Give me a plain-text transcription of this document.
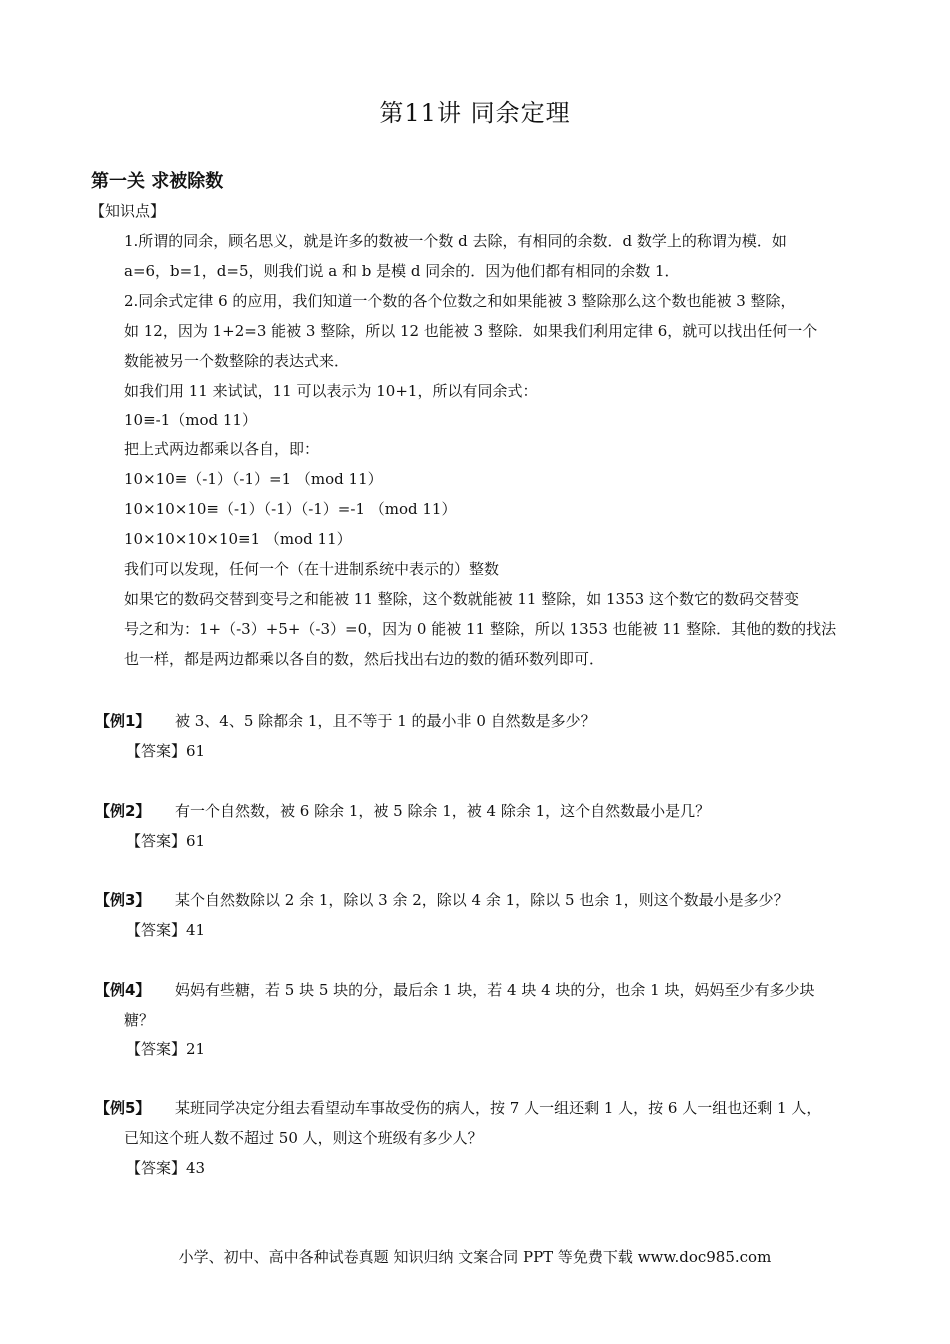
第11讲 同余定理
第一关 求被除数
【知识点】
1.所谓的同余，顾名思义，就是许多的数被一个数 d 去除，有相同的余数．d 数学上的称谓为模．如
a=6，b=1，d=5，则我们说 a 和 b 是模 d 同余的．因为他们都有相同的余数 1．
2.同余式定律 6 的应用，我们知道一个数的各个位数之和如果能被 3 整除那么这个数也能被 3 整除，
如 12，因为 1+2=3 能被 3 整除，所以 12 也能被 3 整除．如果我们利用定律 6，就可以找出任何一个
数能被另一个数整除的表达式来．
如我们用 11 来试试，11 可以表示为 10+1，所以有同余式：
10≡-1（mod 11）
把上式两边都乘以各自，即：
10×10≡（-1）（-1）=1 （mod 11）
10×10×10≡（-1）（-1）（-1）=-1 （mod 11）
10×10×10×10≡1 （mod 11）
我们可以发现，任何一个（在十进制系统中表示的）整数
如果它的数码交替到变号之和能被 11 整除，这个数就能被 11 整除，如 1353 这个数它的数码交替变
号之和为：1+（-3）+5+（-3）=0，因为 0 能被 11 整除，所以 1353 也能被 11 整除．其他的数的找法
也一样，都是两边都乘以各自的数，然后找出右边的数的循环数列即可．
【例1】 被 3、4、5 除都余 1，且不等于 1 的最小非 0 自然数是多少？
【答案】61
【例2】 有一个自然数，被 6 除余 1，被 5 除余 1，被 4 除余 1，这个自然数最小是几？
【答案】61
【例3】 某个自然数除以 2 余 1，除以 3 余 2，除以 4 余 1，除以 5 也余 1，则这个数最小是多少？
【答案】41
【例4】 妈妈有些糖，若 5 块 5 块的分，最后余 1 块，若 4 块 4 块的分，也余 1 块，妈妈至少有多少块
糖？
【答案】21
【例5】 某班同学决定分组去看望动车事故受伤的病人，按 7 人一组还剩 1 人，按 6 人一组也还剩 1 人，
已知这个班人数不超过 50 人，则这个班级有多少人？
【答案】43
小学、初中、高中各种试卷真题 知识归纳 文案合同 PPT 等免费下载 www.doc985.com
